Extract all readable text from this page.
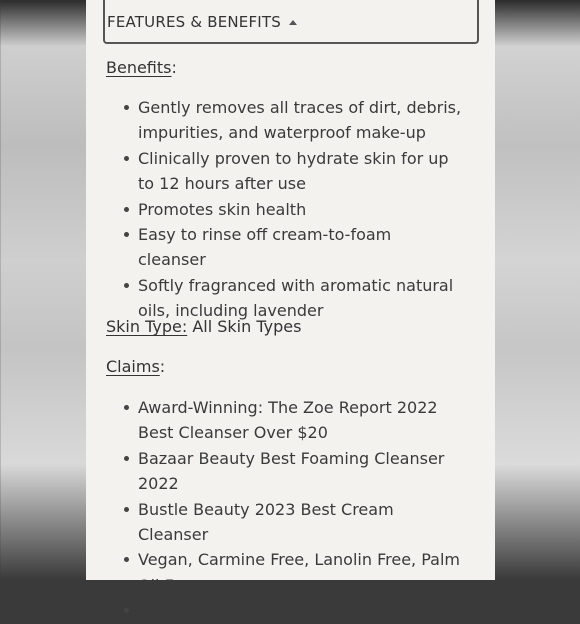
FEATURES & BENEFITS
Benefits:
Gently removes all traces of dirt, debris, impurities, and waterproof make-up
Clinically proven to hydrate skin for up to 12 hours after use
Promotes skin health
Easy to rinse off cream-to-foam cleanser
Softly fragranced with aromatic natural oils, including lavender
Skin Type: All Skin Types
Claims:
Award-Winning: The Zoe Report 2022 Best Cleanser Over $20
Bazaar Beauty Best Foaming Cleanser 2022
Bustle Beauty 2023 Best Cream Cleanser
Vegan, Carmine Free, Lanolin Free, Palm Oil Free
Dermatologically tested
